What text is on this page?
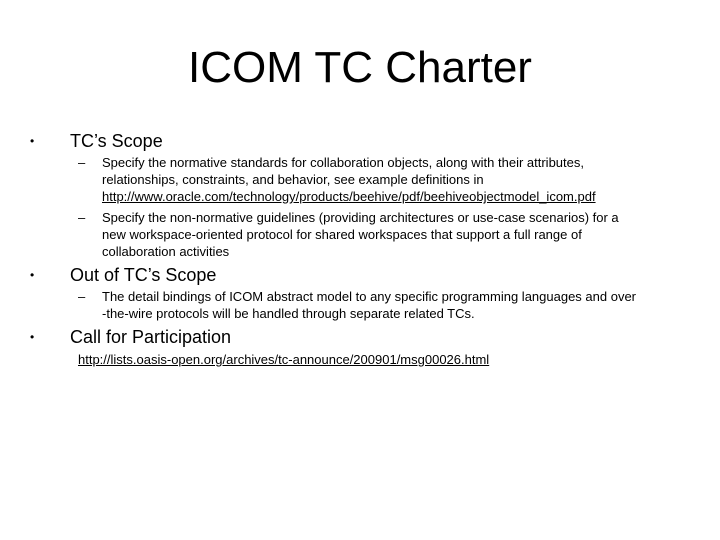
ICOM TC Charter
• TC’s Scope
– Specify the normative standards for collaboration objects, along with their attributes,
relationships, constraints, and behavior, see example definitions in
http://www.oracle.com/technology/products/beehive/pdf/beehiveobjectmodel_icom.pdf
– Specify the non-normative guidelines (providing architectures or use-case scenarios) for a
new workspace-oriented protocol for shared workspaces that support a full range of
collaboration activities
• Out of TC’s Scope
– The detail bindings of ICOM abstract model to any specific programming languages and over
-the-wire protocols will be handled through separate related TCs.
• Call for Participation
http://lists.oasis-open.org/archives/tc-announce/200901/msg00026.html
